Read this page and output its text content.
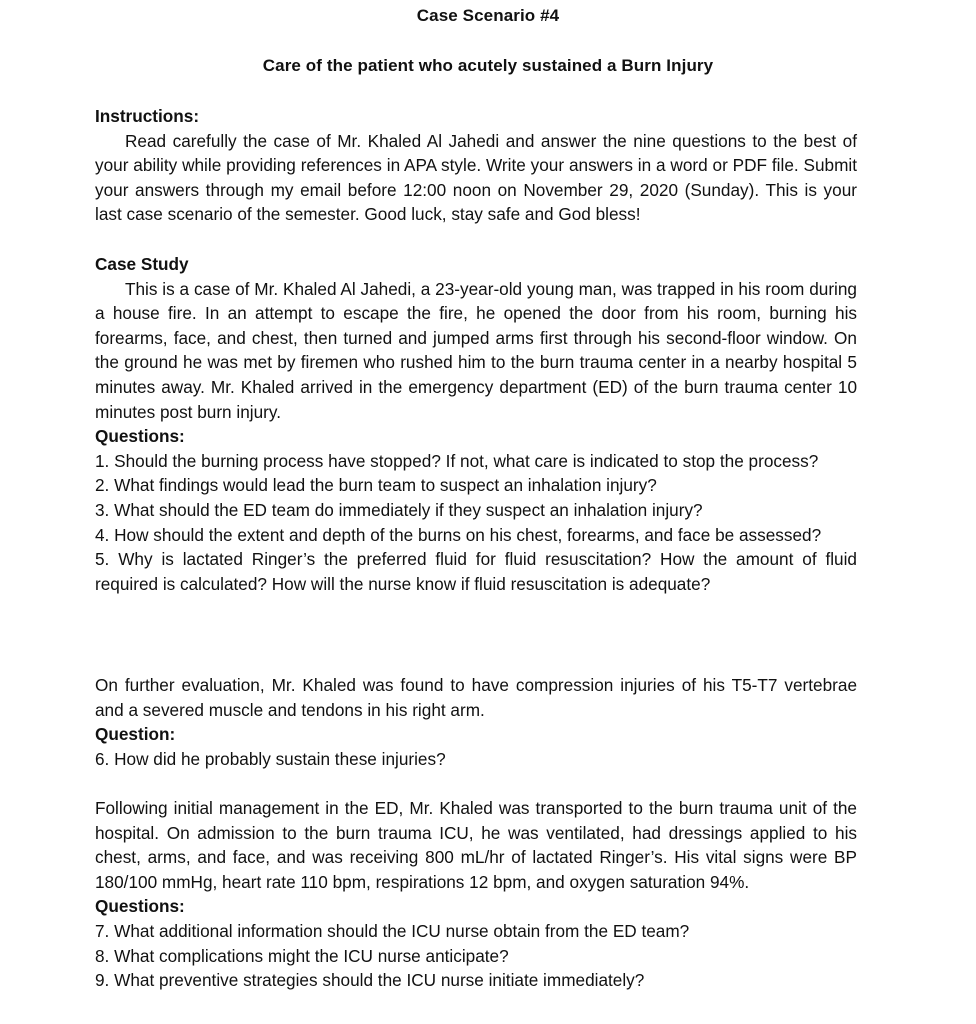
Case Scenario #4
Care of the patient who acutely sustained a Burn Injury

Instructions:

Read carefully the case of Mr. Khaled Al Jahedi and answer the nine questions to the best of your ability while providing references in APA style. Write your answers in a word or PDF file. Submit your answers through my email before 12:00 noon on November 29, 2020 (Sunday). This is your last case scenario of the semester. Good luck, stay safe and God bless!

Case Study

This is a case of Mr. Khaled Al Jahedi, a 23-year-old young man, was trapped in his room during a house fire. In an attempt to escape the fire, he opened the door from his room, burning his forearms, face, and chest, then turned and jumped arms first through his second-floor window. On the ground he was met by firemen who rushed him to the burn trauma center in a nearby hospital 5 minutes away. Mr. Khaled arrived in the emergency department (ED) of the burn trauma center 10 minutes post burn injury.

Questions:

1. Should the burning process have stopped? If not, what care is indicated to stop the process?

2. What findings would lead the burn team to suspect an inhalation injury?

3. What should the ED team do immediately if they suspect an inhalation injury?

4. How should the extent and depth of the burns on his chest, forearms, and face be assessed?

5. Why is lactated Ringer’s the preferred fluid for fluid resuscitation? How the amount of fluid required is calculated? How will the nurse know if fluid resuscitation is adequate?

On further evaluation, Mr. Khaled was found to have compression injuries of his T5-T7 vertebrae and a severed muscle and tendons in his right arm.

Question:

6. How did he probably sustain these injuries?

Following initial management in the ED, Mr. Khaled was transported to the burn trauma unit of the hospital. On admission to the burn trauma ICU, he was ventilated, had dressings applied to his chest, arms, and face, and was receiving 800 mL/hr of lactated Ringer’s. His vital signs were BP 180/100 mmHg, heart rate 110 bpm, respirations 12 bpm, and oxygen saturation 94%.

Questions:

7. What additional information should the ICU nurse obtain from the ED team?

8. What complications might the ICU nurse anticipate?

9. What preventive strategies should the ICU nurse initiate immediately?
